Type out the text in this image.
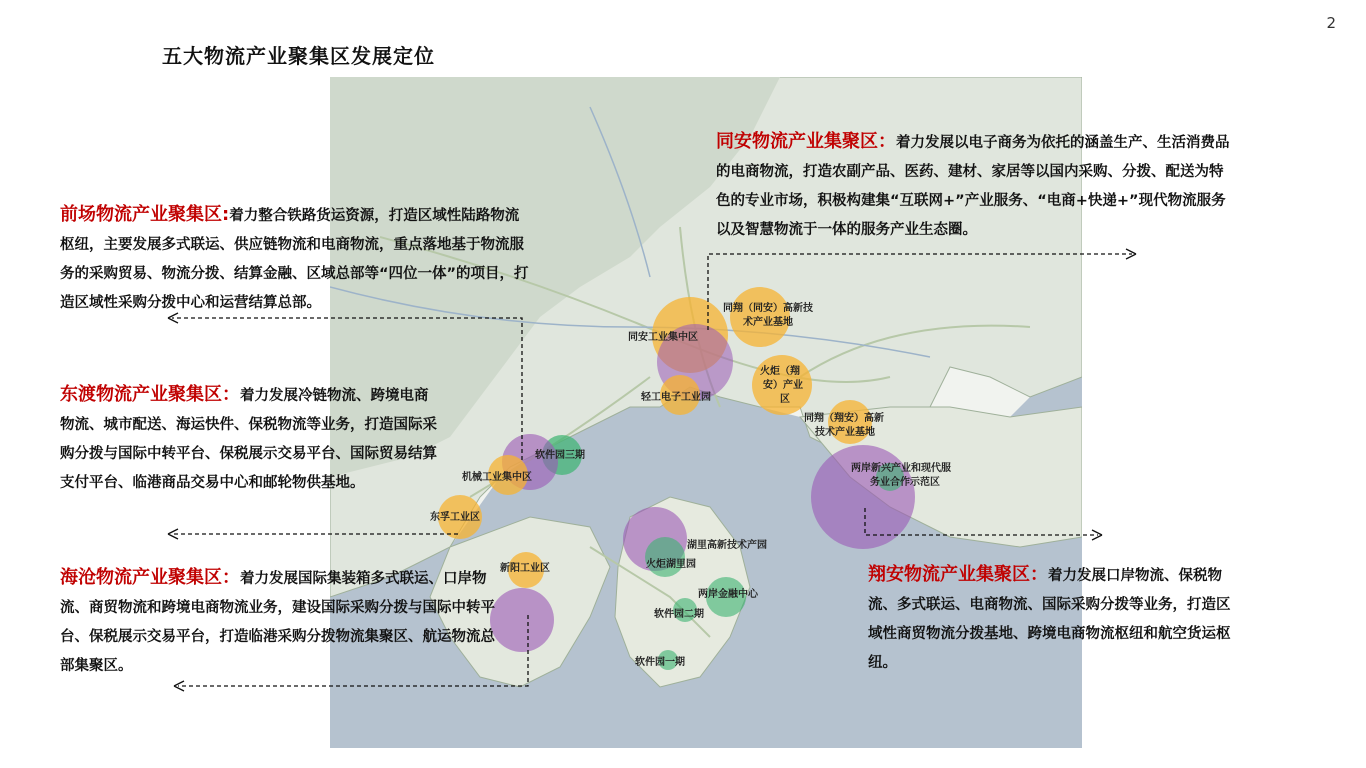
2
五大物流产业聚集区发展定位
同安工业集中区
同翔（同安）高新技
术产业基地
火炬（翔
安）产业
区
轻工电子工业园
同翔（翔安）高新
技术产业基地
两岸新兴产业和现代服
务业合作示范区
软件园三期
机械工业集中区
东孚工业区
湖里高新技术产园
火炬湖里园
新阳工业区
两岸金融中心
软件园二期
软件园一期
前场物流产业聚集区:着力整合铁路货运资源，打造区域性陆路物流枢纽，主要发展多式联运、供应链物流和电商物流，重点落地基于物流服务的采购贸易、物流分拨、结算金融、区域总部等“四位一体”的项目，打造区域性采购分拨中心和运营结算总部。
东渡物流产业聚集区：着力发展冷链物流、跨境电商物流、城市配送、海运快件、保税物流等业务，打造国际采购分拨与国际中转平台、保税展示交易平台、国际贸易结算支付平台、临港商品交易中心和邮轮物供基地。
海沧物流产业聚集区：着力发展国际集装箱多式联运、口岸物流、商贸物流和跨境电商物流业务，建设国际采购分拨与国际中转平台、保税展示交易平台，打造临港采购分拨物流集聚区、航运物流总部集聚区。
同安物流产业集聚区：着力发展以电子商务为依托的涵盖生产、生活消费品的电商物流，打造农副产品、医药、建材、家居等以国内采购、分拨、配送为特色的专业市场，积极构建集“互联网+”产业服务、“电商+快递+”现代物流服务以及智慧物流于一体的服务产业生态圈。
翔安物流产业集聚区：着力发展口岸物流、保税物流、多式联运、电商物流、国际采购分拨等业务，打造区域性商贸物流分拨基地、跨境电商物流枢纽和航空货运枢纽。
